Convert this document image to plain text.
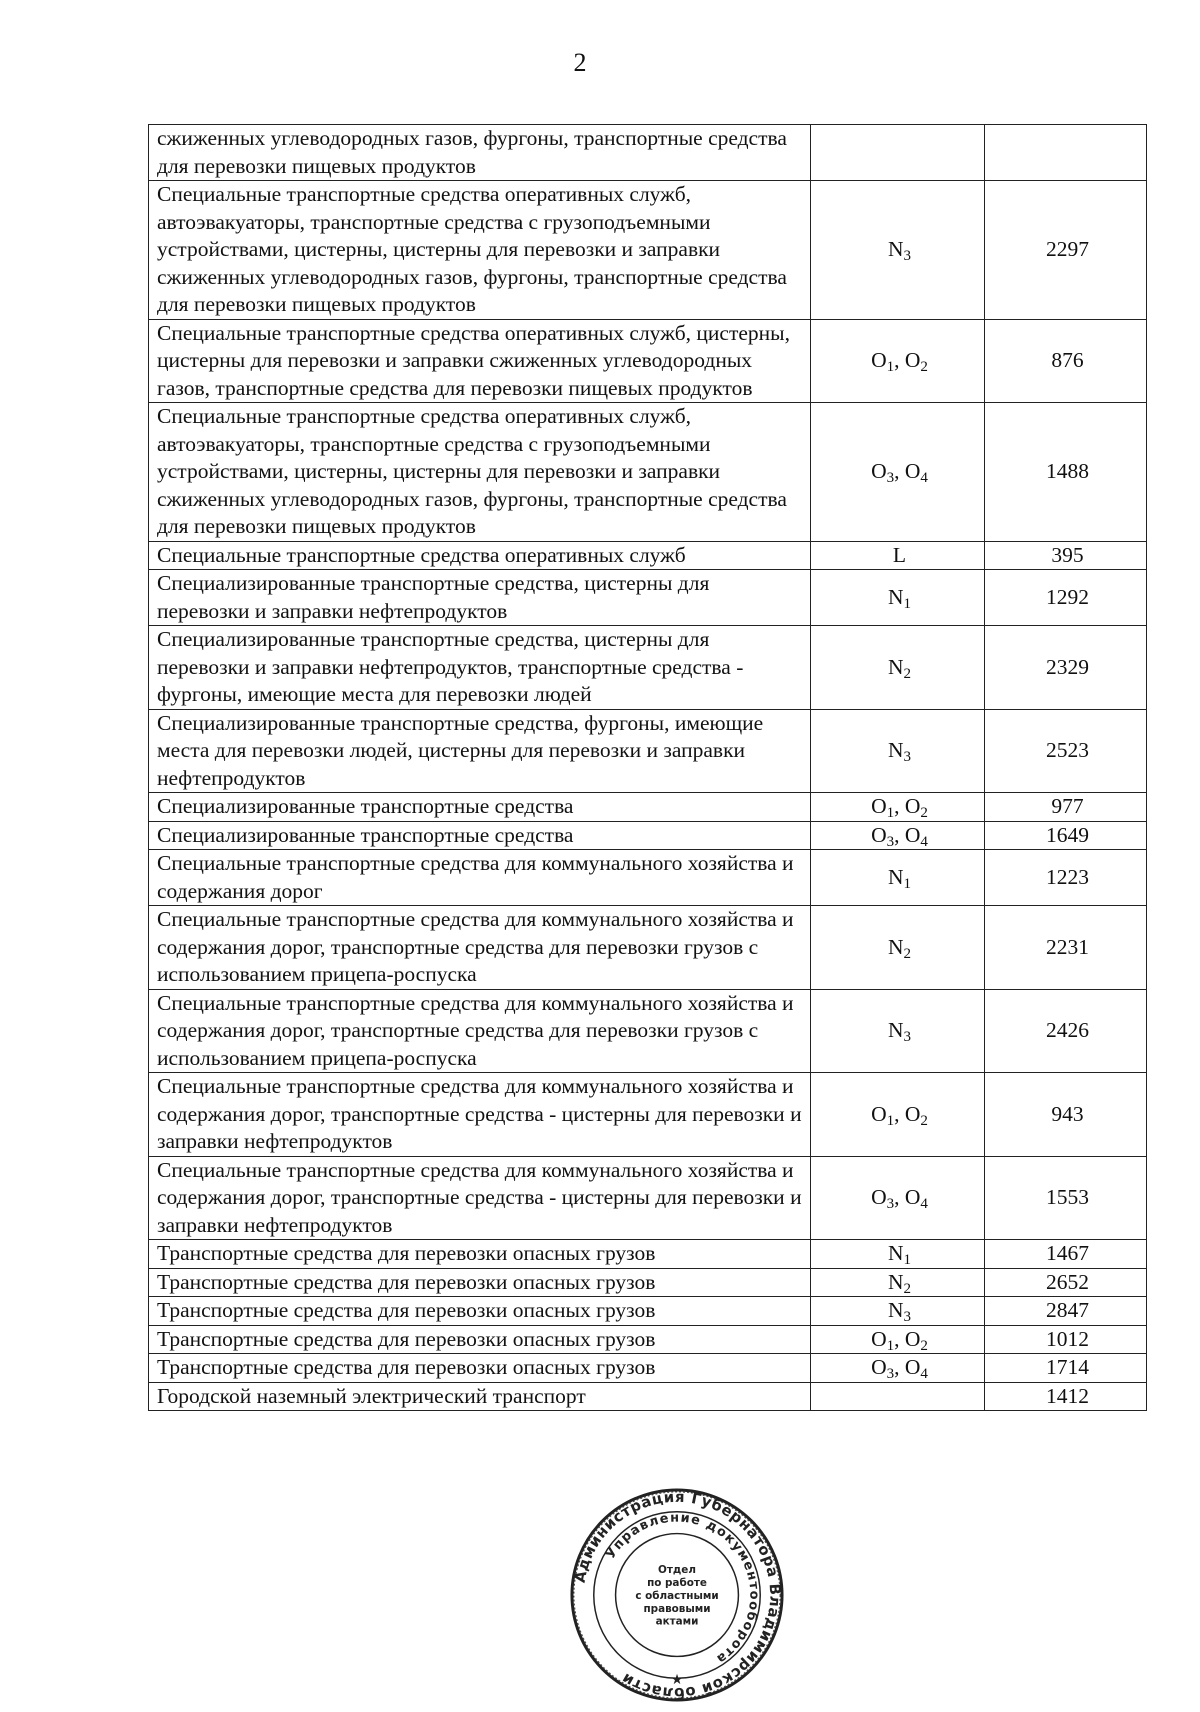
2
сжиженных углеводородных газов, фургоны, транспортные средства для перевозки пищевых продуктов		
Специальные транспортные средства оперативных служб, автоэвакуаторы, транспортные средства с грузоподъемными устройствами, цистерны, цистерны для перевозки и заправки сжиженных углеводородных газов, фургоны, транспортные средства для перевозки пищевых продуктов	$N_3$	2297
Специальные транспортные средства оперативных служб, цистерны, цистерны для перевозки и заправки сжиженных углеводородных газов, транспортные средства для перевозки пищевых продуктов	$O_1$, $O_2$	876
Специальные транспортные средства оперативных служб, автоэвакуаторы, транспортные средства с грузоподъемными устройствами, цистерны, цистерны для перевозки и заправки сжиженных углеводородных газов, фургоны, транспортные средства для перевозки пищевых продуктов	$O_3$, $O_4$	1488
Специальные транспортные средства оперативных служб	L	395
Специализированные транспортные средства, цистерны для перевозки и заправки нефтепродуктов	$N_1$	1292
Специализированные транспортные средства, цистерны для перевозки и заправки нефтепродуктов, транспортные средства - фургоны, имеющие места для перевозки людей	$N_2$	2329
Специализированные транспортные средства, фургоны, имеющие места для перевозки людей, цистерны для перевозки и заправки нефтепродуктов	$N_3$	2523
Специализированные транспортные средства	$O_1$, $O_2$	977
Специализированные транспортные средства	$O_3$, $O_4$	1649
Специальные транспортные средства для коммунального хозяйства и содержания дорог	$N_1$	1223
Специальные транспортные средства для коммунального хозяйства и содержания дорог, транспортные средства для перевозки грузов с использованием прицепа-роспуска	$N_2$	2231
Специальные транспортные средства для коммунального хозяйства и содержания дорог, транспортные средства для перевозки грузов с использованием прицепа-роспуска	$N_3$	2426
Специальные транспортные средства для коммунального хозяйства и содержания дорог, транспортные средства - цистерны для перевозки и заправки нефтепродуктов	$O_1$, $O_2$	943
Специальные транспортные средства для коммунального хозяйства и содержания дорог, транспортные средства - цистерны для перевозки и заправки нефтепродуктов	$O_3$, $O_4$	1553
Транспортные средства для перевозки опасных грузов	$N_1$	1467
Транспортные средства для перевозки опасных грузов	$N_2$	2652
Транспортные средства для перевозки опасных грузов	$N_3$	2847
Транспортные средства для перевозки опасных грузов	$O_1$, $O_2$	1012
Транспортные средства для перевозки опасных грузов	$O_3$, $O_4$	1714
Городской наземный электрический транспорт		1412
Администрация Губернатора Владимирской области
Управление документооборота
Отдел
по работе
с областными
правовыми
актами
★
